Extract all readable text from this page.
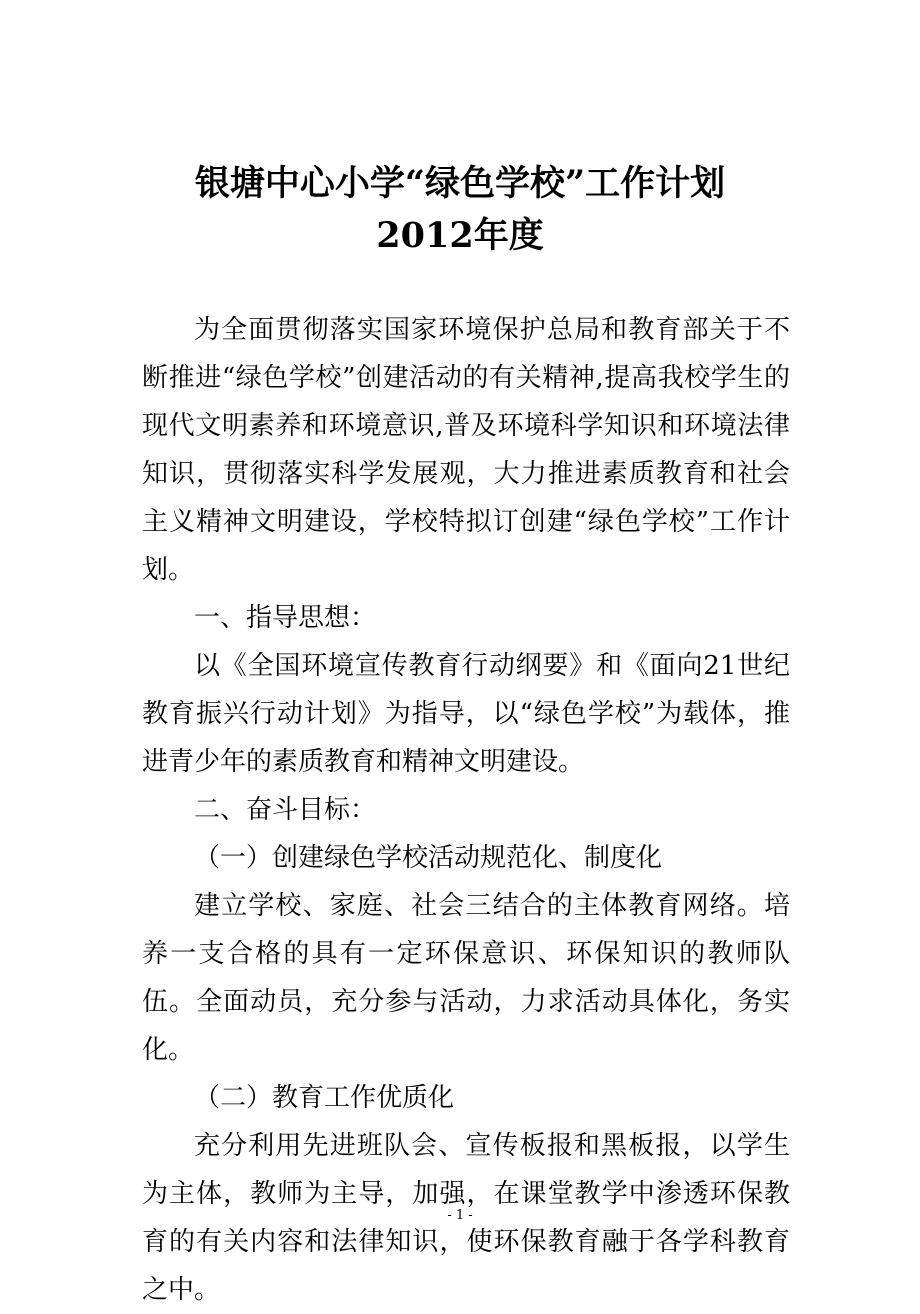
银塘中心小学“绿色学校”工作计划
2012年度

为全面贯彻落实国家环境保护总局和教育部关于不断推进“绿色学校”创建活动的有关精神,提高我校学生的现代文明素养和环境意识,普及环境科学知识和环境法律知识，贯彻落实科学发展观，大力推进素质教育和社会主义精神文明建设，学校特拟订创建“绿色学校”工作计划。

一、指导思想：

以《全国环境宣传教育行动纲要》和《面向21世纪教育振兴行动计划》为指导，以“绿色学校”为载体，推进青少年的素质教育和精神文明建设。

二、奋斗目标：

（一）创建绿色学校活动规范化、制度化

建立学校、家庭、社会三结合的主体教育网络。培养一支合格的具有一定环保意识、环保知识的教师队伍。全面动员，充分参与活动，力求活动具体化，务实化。

（二）教育工作优质化

充分利用先进班队会、宣传板报和黑板报，以学生为主体，教师为主导，加强，在课堂教学中渗透环保教育的有关内容和法律知识，使环保教育融于各学科教育之中。

- 1 -
